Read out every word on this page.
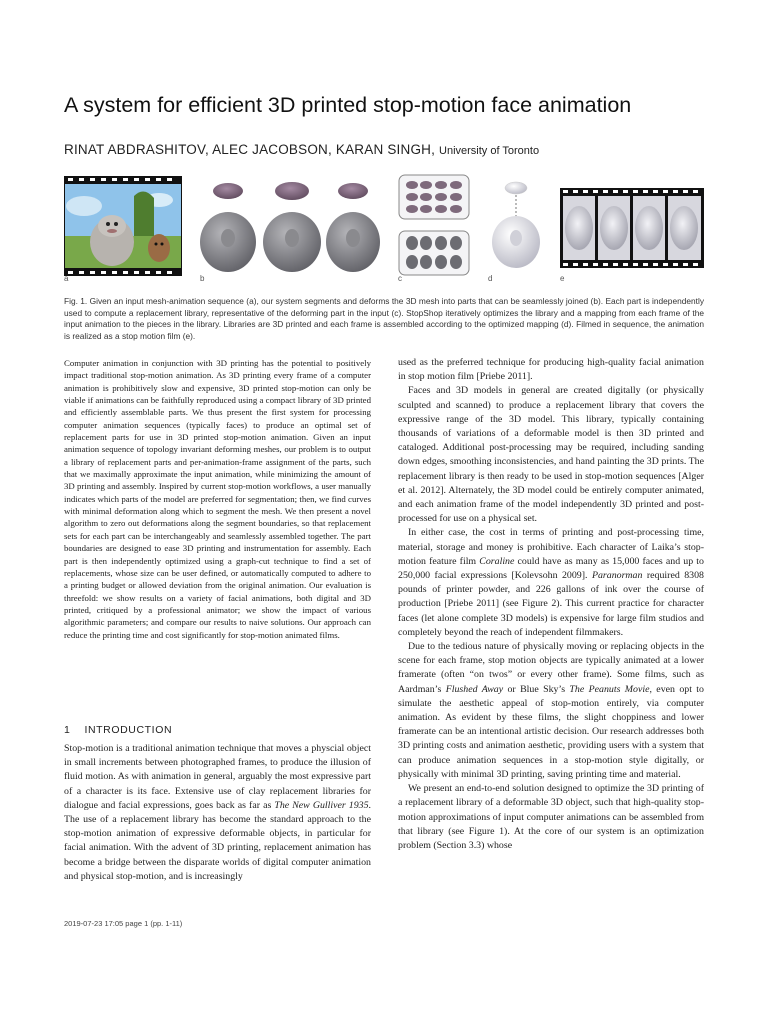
A system for efficient 3D printed stop-motion face animation
RINAT ABDRASHITOV, ALEC JACOBSON, KARAN SINGH, University of Toronto
a	b	c	d	e
Fig. 1. Given an input mesh-animation sequence (a), our system segments and deforms the 3D mesh into parts that can be seamlessly joined (b). Each part is independently used to compute a replacement library, representative of the deforming part in the input (c). StopShop iteratively optimizes the library and a mapping from each frame of the input animation to the pieces in the library. Libraries are 3D printed and each frame is assembled according to the optimized mapping (d). Filmed in sequence, the animation is realized as a stop motion film (e).

Computer animation in conjunction with 3D printing has the potential to positively impact traditional stop-motion animation. As 3D printing every frame of a computer animation is prohibitively slow and expensive, 3D printed stop-motion can only be viable if animations can be faithfully reproduced using a compact library of 3D printed and efficiently assemblable parts. We thus present the first system for processing computer animation sequences (typically faces) to produce an optimal set of replacement parts for use in 3D printed stop-motion animation. Given an input animation sequence of topology invariant deforming meshes, our problem is to output a library of replacement parts and per-animation-frame assignment of the parts, such that we maximally approximate the input animation, while minimizing the amount of 3D printing and assembly. Inspired by current stop-motion workflows, a user manually indicates which parts of the model are preferred for segmentation; then, we find curves with minimal deformation along which to segment the mesh. We then present a novel algorithm to zero out deformations along the segment boundaries, so that replacement sets for each part can be interchangeably and seamlessly assembled together. The part boundaries are designed to ease 3D printing and instrumentation for assembly. Each part is then independently optimized using a graph-cut technique to find a set of replacements, whose size can be user defined, or automatically computed to adhere to a printing budget or allowed deviation from the original animation. Our evaluation is threefold: we show results on a variety of facial animations, both digital and 3D printed, critiqued by a professional animator; we show the impact of various algorithmic parameters; and compare our results to naive solutions. Our approach can reduce the printing time and cost significantly for stop-motion animated films.

1 INTRODUCTION

Stop-motion is a traditional animation technique that moves a physcial object in small increments between photographed frames, to produce the illusion of fluid motion. As with animation in general, arguably the most expressive part of a character is its face. Extensive use of clay replacement libraries for dialogue and facial expressions, goes back as far as The New Gulliver 1935. The use of a replacement library has become the standard approach to the stop-motion animation of expressive deformable objects, in particular for facial animation. With the advent of 3D printing, replacement animation has become a bridge between the disparate worlds of digital computer animation and physical stop-motion, and is increasingly

used as the preferred technique for producing high-quality facial animation in stop motion film [Priebe 2011].

Faces and 3D models in general are created digitally (or physically sculpted and scanned) to produce a replacement library that covers the expressive range of the 3D model. This library, typically containing thousands of variations of a deformable model is then 3D printed and cataloged. Additional post-processing may be required, including sanding down edges, smoothing inconsistencies, and hand painting the 3D prints. The replacement library is then ready to be used in stop-motion sequences [Alger et al. 2012]. Alternately, the 3D model could be entirely computer animated, and each animation frame of the model independently 3D printed and post-processed for use on a physical set.

In either case, the cost in terms of printing and post-processing time, material, storage and money is prohibitive. Each character of Laika’s stop-motion feature film Coraline could have as many as 15,000 faces and up to 250,000 facial expressions [Kolevsohn 2009]. Paranorman required 8308 pounds of printer powder, and 226 gallons of ink over the course of production [Priebe 2011] (see Figure 2). This current practice for character faces (let alone complete 3D models) is expensive for large film studios and completely beyond the reach of independent filmmakers.

Due to the tedious nature of physically moving or replacing objects in the scene for each frame, stop motion objects are typically animated at a lower framerate (often “on twos” or every other frame). Some films, such as Aardman’s Flushed Away or Blue Sky’s The Peanuts Movie, even opt to simulate the aesthetic appeal of stop-motion entirely, via computer animation. As evident by these films, the slight choppiness and lower framerate can be an intentional artistic decision. Our research addresses both 3D printing costs and animation aesthetic, providing users with a system that can produce animation sequences in a stop-motion style digitally, or physically with minimal 3D printing, saving printing time and material.

We present an end-to-end solution designed to optimize the 3D printing of a replacement library of a deformable 3D object, such that high-quality stop-motion approximations of input computer animations can be assembled from that library (see Figure 1). At the core of our system is an optimization problem (Section 3.3) whose

2019-07-23 17:05 page 1 (pp. 1-11)
